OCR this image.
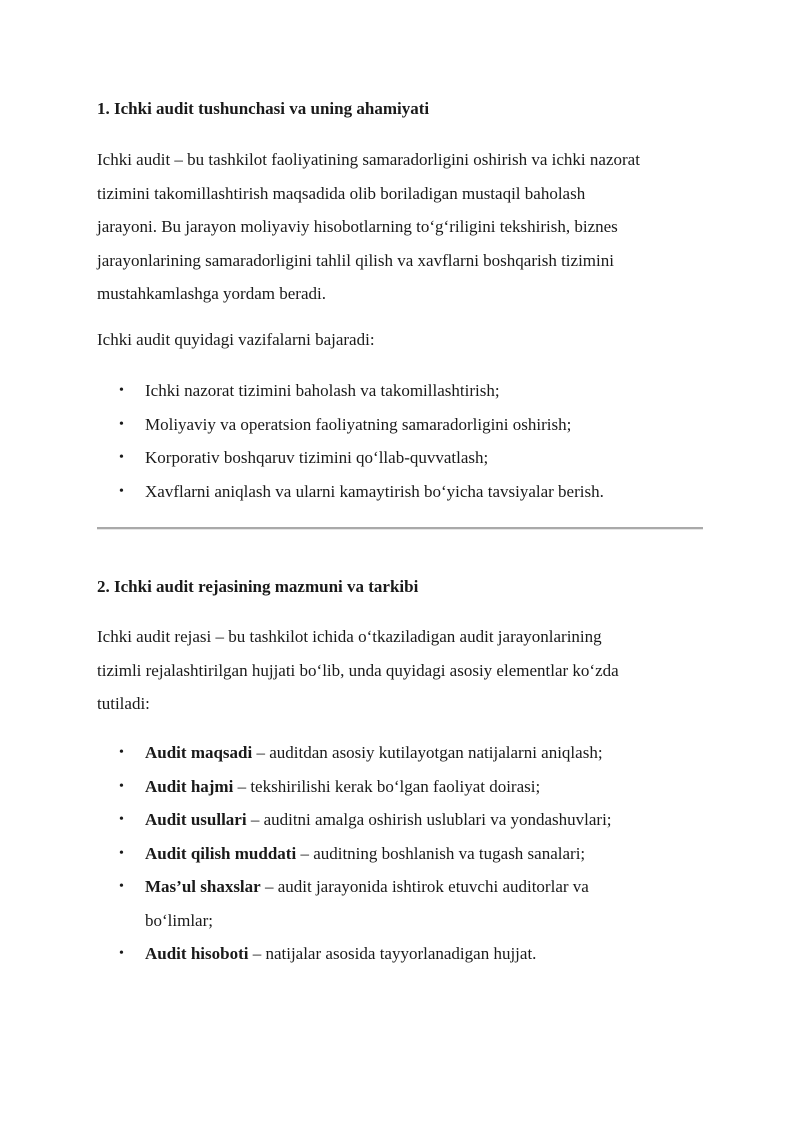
1. Ichki audit tushunchasi va uning ahamiyati

Ichki audit – bu tashkilot faoliyatining samaradorligini oshirish va ichki nazorat
tizimini takomillashtirish maqsadida olib boriladigan mustaqil baholash
jarayoni. Bu jarayon moliyaviy hisobotlarning to‘g‘riligini tekshirish, biznes
jarayonlarining samaradorligini tahlil qilish va xavflarni boshqarish tizimini
mustahkamlashga yordam beradi.

Ichki audit quyidagi vazifalarni bajaradi:

• Ichki nazorat tizimini baholash va takomillashtirish;
• Moliyaviy va operatsion faoliyatning samaradorligini oshirish;
• Korporativ boshqaruv tizimini qo‘llab-quvvatlash;
• Xavflarni aniqlash va ularni kamaytirish bo‘yicha tavsiyalar berish.
2. Ichki audit rejasining mazmuni va tarkibi

Ichki audit rejasi – bu tashkilot ichida o‘tkaziladigan audit jarayonlarining
tizimli rejalashtirilgan hujjati bo‘lib, unda quyidagi asosiy elementlar ko‘zda
tutiladi:

• Audit maqsadi – auditdan asosiy kutilayotgan natijalarni aniqlash;
• Audit hajmi – tekshirilishi kerak bo‘lgan faoliyat doirasi;
• Audit usullari – auditni amalga oshirish uslublari va yondashuvlari;
• Audit qilish muddati – auditning boshlanish va tugash sanalari;
• Mas’ul shaxslar – audit jarayonida ishtirok etuvchi auditorlar va
bo‘limlar;
• Audit hisoboti – natijalar asosida tayyorlanadigan hujjat.
